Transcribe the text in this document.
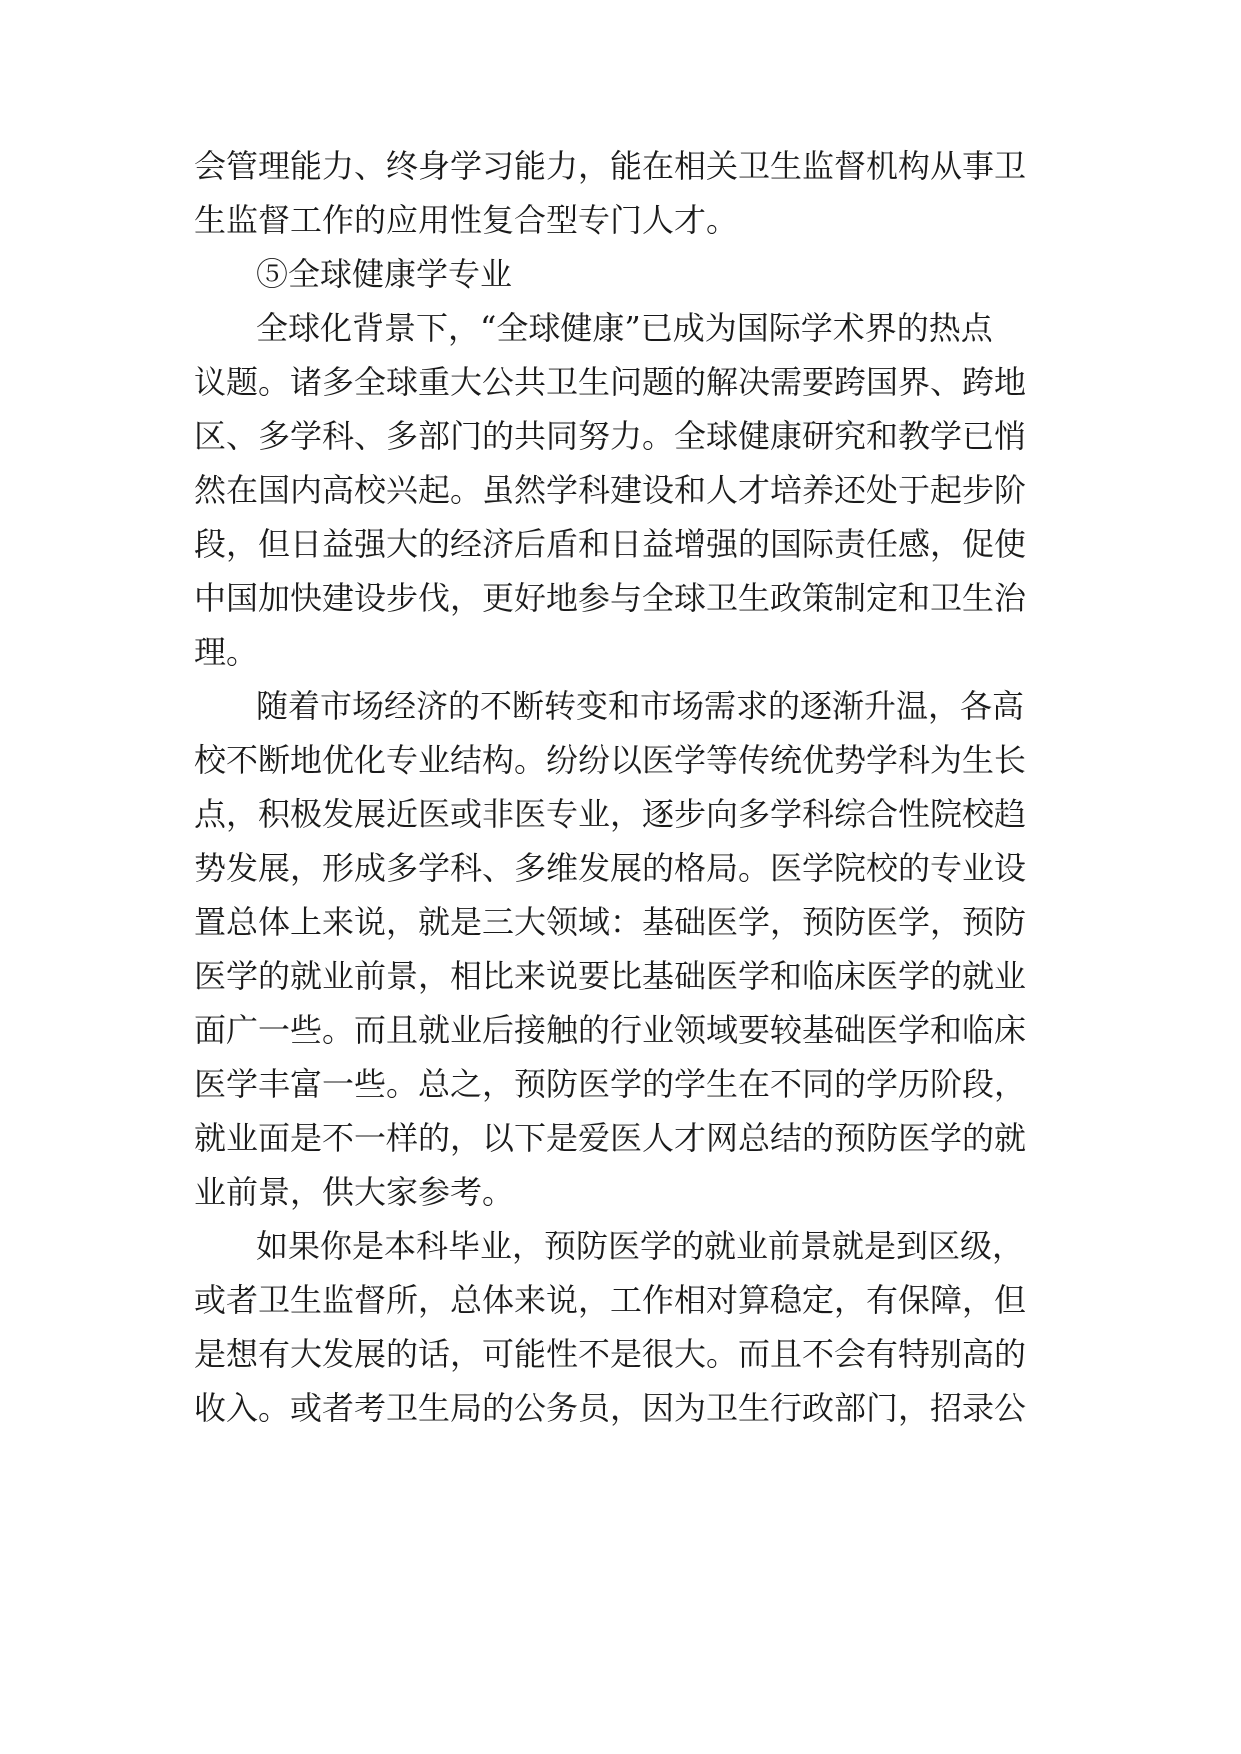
会管理能力、终身学习能力，能在相关卫生监督机构从事卫

生监督工作的应用性复合型专门人才。

⑤全球健康学专业

全球化背景下，“全球健康”已成为国际学术界的热点

议题。诸多全球重大公共卫生问题的解决需要跨国界、跨地

区、多学科、多部门的共同努力。全球健康研究和教学已悄

然在国内高校兴起。虽然学科建设和人才培养还处于起步阶

段，但日益强大的经济后盾和日益增强的国际责任感，促使

中国加快建设步伐，更好地参与全球卫生政策制定和卫生治

理。

随着市场经济的不断转变和市场需求的逐渐升温，各高

校不断地优化专业结构。纷纷以医学等传统优势学科为生长

点，积极发展近医或非医专业，逐步向多学科综合性院校趋

势发展，形成多学科、多维发展的格局。医学院校的专业设

置总体上来说，就是三大领域：基础医学，预防医学，预防

医学的就业前景，相比来说要比基础医学和临床医学的就业

面广一些。而且就业后接触的行业领域要较基础医学和临床

医学丰富一些。总之，预防医学的学生在不同的学历阶段，

就业面是不一样的，以下是爱医人才网总结的预防医学的就

业前景，供大家参考。

如果你是本科毕业，预防医学的就业前景就是到区级，

或者卫生监督所，总体来说，工作相对算稳定，有保障，但

是想有大发展的话，可能性不是很大。而且不会有特别高的

收入。或者考卫生局的公务员，因为卫生行政部门，招录公
